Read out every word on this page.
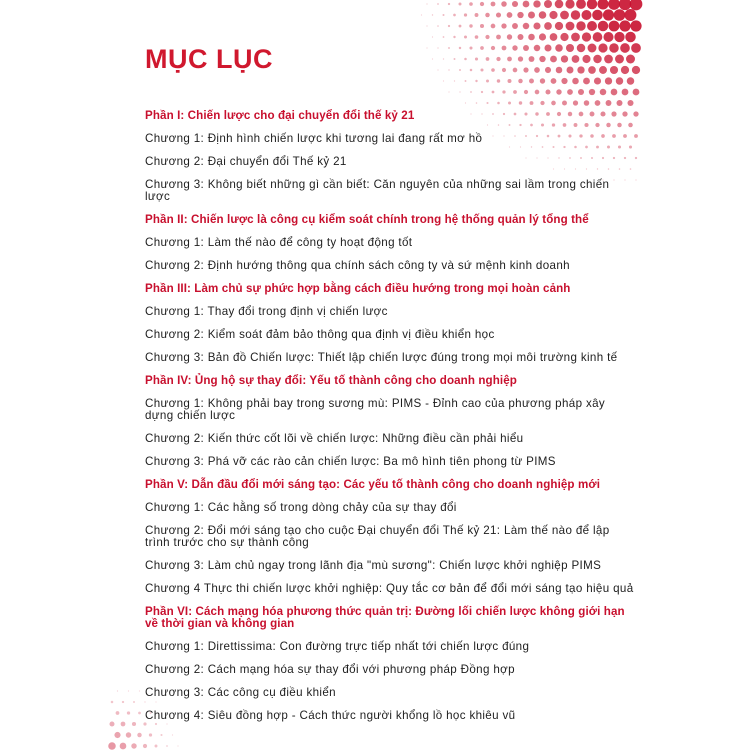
MỤC LỤC
Phần I: Chiến lược cho đại chuyển đổi thế kỷ 21
Chương 1: Định hình chiến lược khi tương lai đang rất mơ hồ
Chương 2: Đại chuyển đổi Thế kỷ 21
Chương 3: Không biết những gì cần biết: Căn nguyên của những sai lầm trong chiến lược
Phần II: Chiến lược là công cụ kiểm soát chính trong hệ thống quản lý tổng thể
Chương 1: Làm thế nào để công ty hoạt động tốt
Chương 2: Định hướng thông qua chính sách công ty và sứ mệnh kinh doanh
Phần III: Làm chủ sự phức hợp bằng cách điều hướng trong mọi hoàn cảnh
Chương 1: Thay đổi trong định vị chiến lược
Chương 2: Kiểm soát đảm bảo thông qua định vị điều khiển học
Chương 3: Bản đồ Chiến lược: Thiết lập chiến lược đúng trong mọi môi trường kinh tế
Phần IV: Ủng hộ sự thay đổi: Yếu tố thành công cho doanh nghiệp
Chương 1: Không phải bay trong sương mù: PIMS - Đỉnh cao của phương pháp xây dựng chiến lược
Chương 2: Kiến thức cốt lõi về chiến lược: Những điều cần phải hiểu
Chương 3: Phá vỡ các rào cản chiến lược: Ba mô hình tiên phong từ PIMS
Phần V: Dẫn đầu đổi mới sáng tạo: Các yếu tố thành công cho doanh nghiệp mới
Chương 1: Các hằng số trong dòng chảy của sự thay đổi
Chương 2: Đổi mới sáng tạo cho cuộc Đại chuyển đổi Thế kỷ 21: Làm thế nào để lập trình trước cho sự thành công
Chương 3: Làm chủ ngay trong lãnh địa "mù sương": Chiến lược khởi nghiệp PIMS
Chương 4 Thực thi chiến lược khởi nghiệp: Quy tắc cơ bản để đổi mới sáng tạo hiệu quả
Phần VI: Cách mạng hóa phương thức quản trị: Đường lối chiến lược không giới hạn về thời gian và không gian
Chương 1: Direttissima: Con đường trực tiếp nhất tới chiến lược đúng
Chương 2: Cách mạng hóa sự thay đổi với phương pháp Đồng hợp
Chương 3: Các công cụ điều khiển
Chương 4: Siêu đồng hợp - Cách thức người khổng lồ học khiêu vũ
